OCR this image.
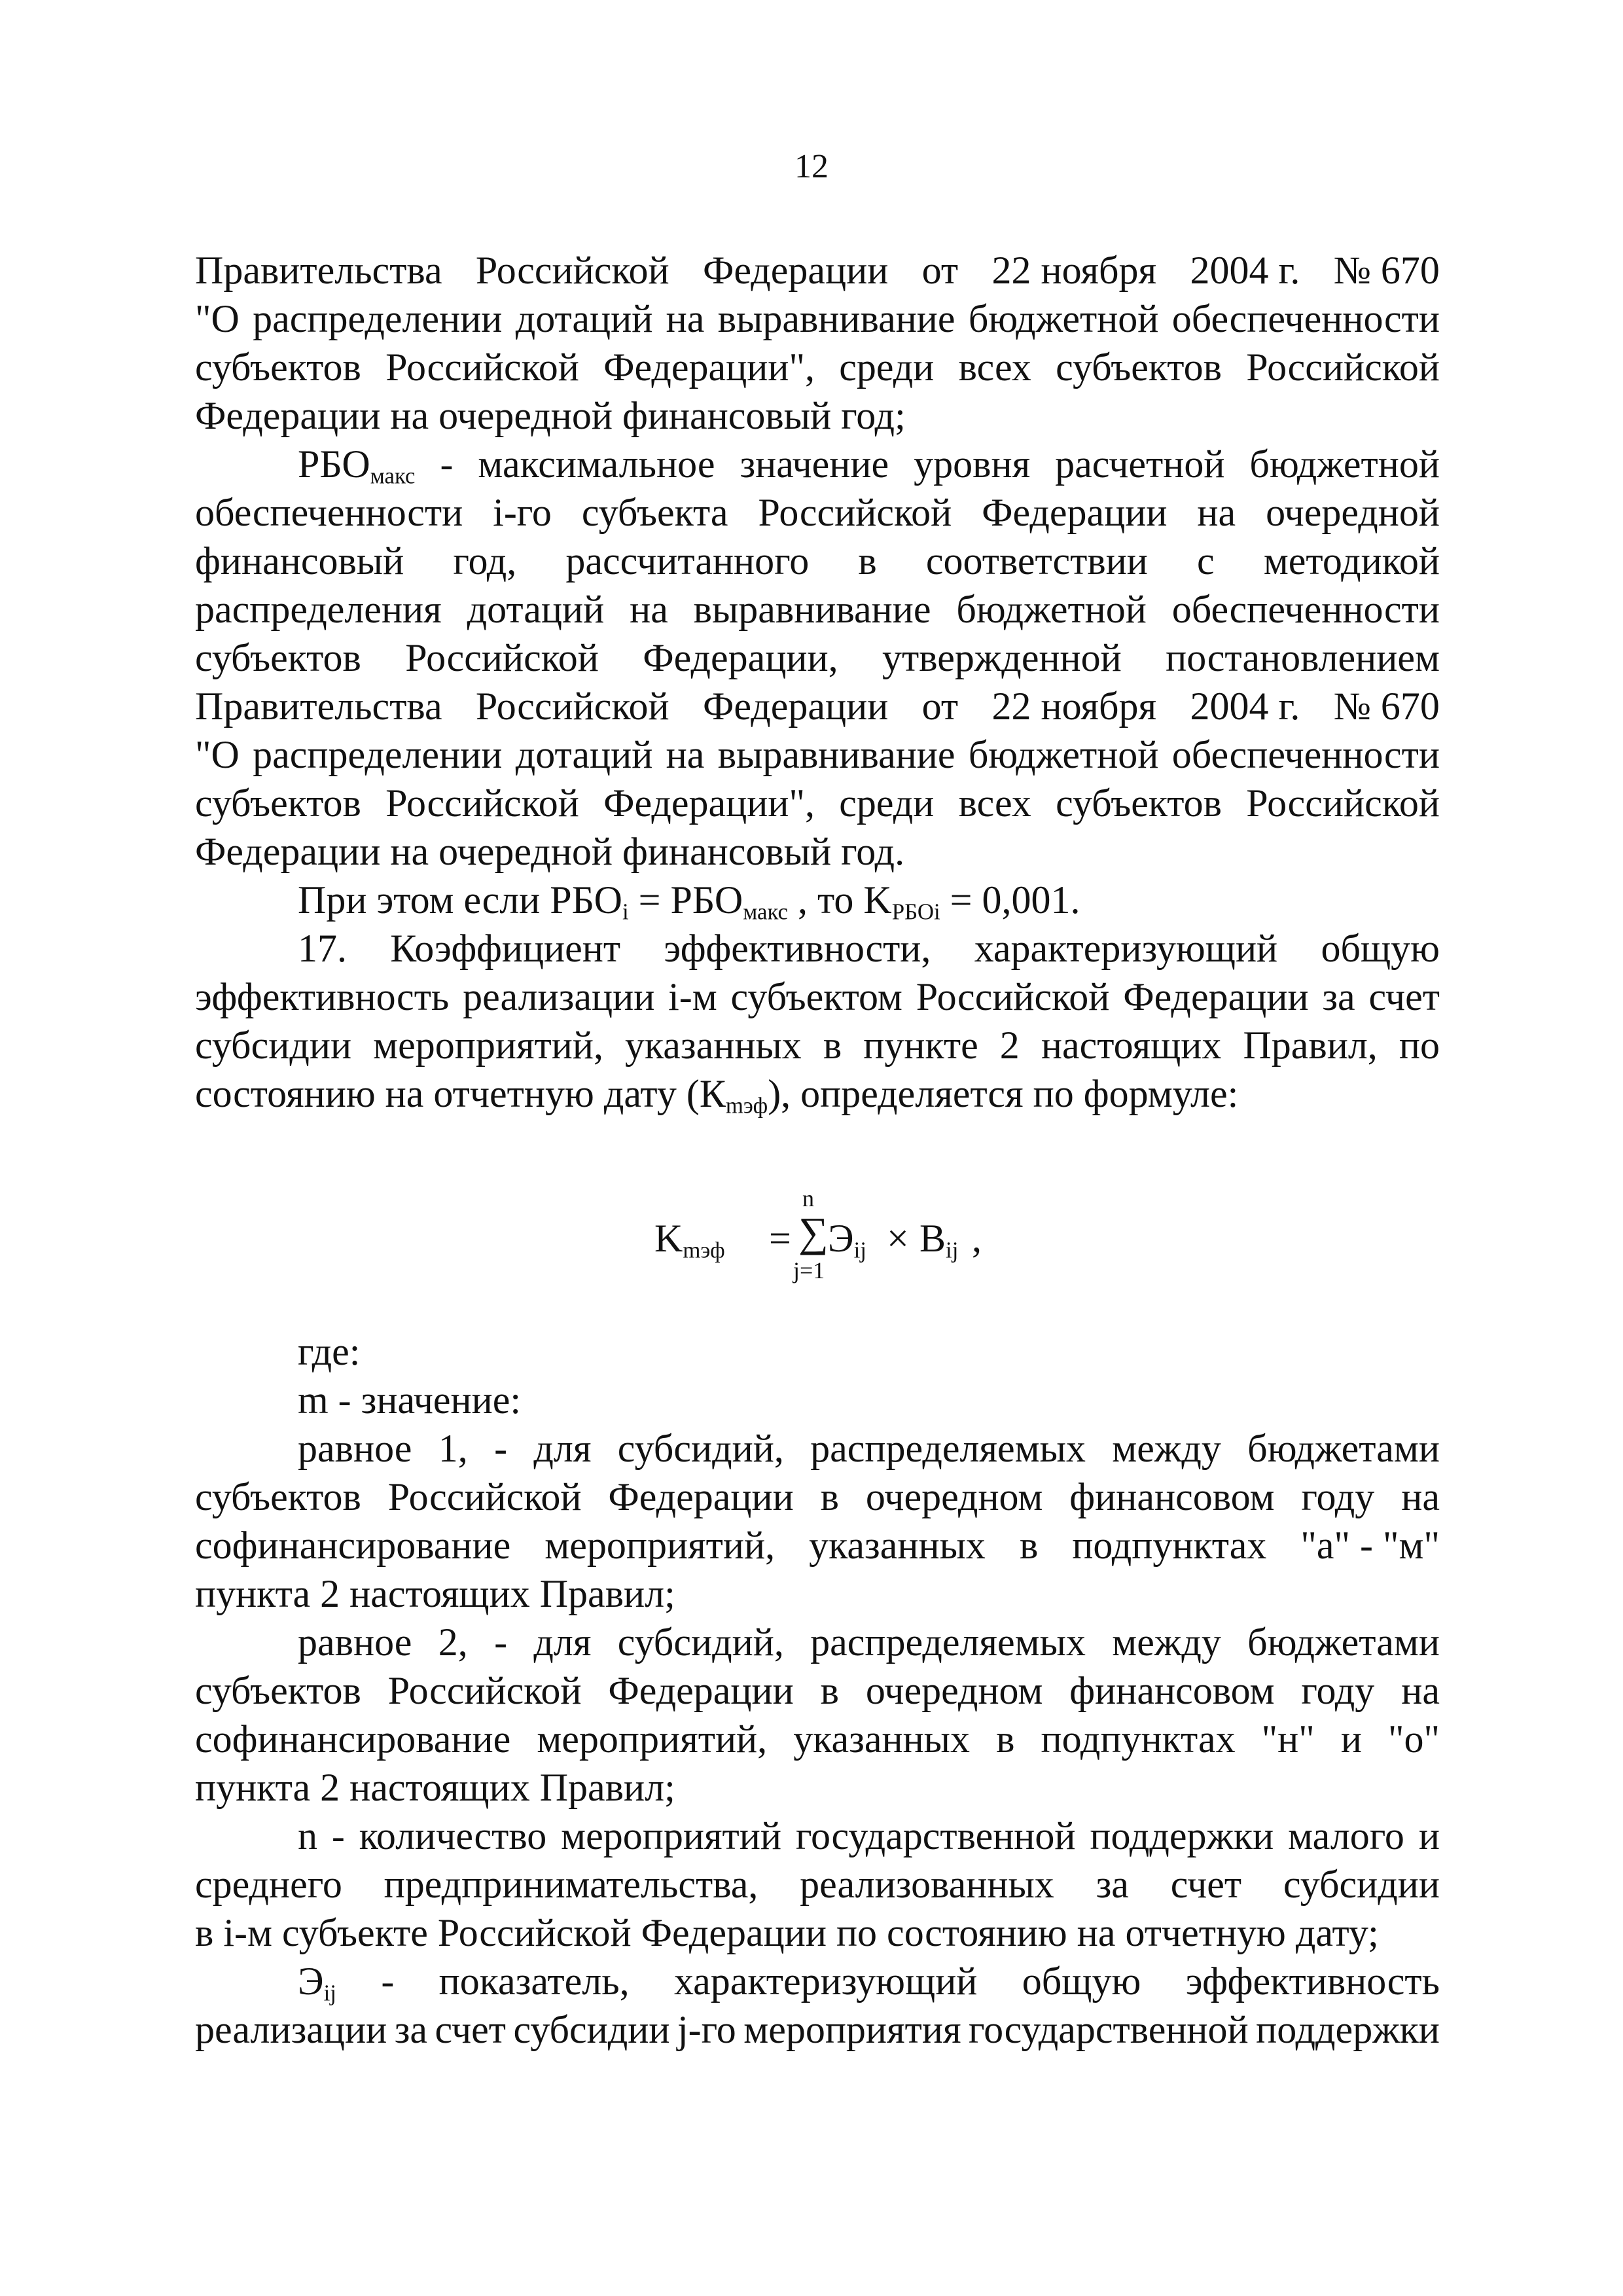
12
Правительства Российской Федерации от 22 ноября 2004 г. № 670
"О распределении дотаций на выравнивание бюджетной обеспеченности
субъектов Российской Федерации", среди всех субъектов Российской
Федерации на очередной финансовый год;
$РБО_{макс}$ - максимальное значение уровня расчетной бюджетной
обеспеченности i-го субъекта Российской Федерации на очередной
финансовый год, рассчитанного в соответствии с методикой
распределения дотаций на выравнивание бюджетной обеспеченности
субъектов Российской Федерации, утвержденной постановлением
Правительства Российской Федерации от 22 ноября 2004 г. № 670
"О распределении дотаций на выравнивание бюджетной обеспеченности
субъектов Российской Федерации", среди всех субъектов Российской
Федерации на очередной финансовый год.
При этом если $РБО_i = РБО_{макс}$ , то $K_{РБОi} = 0,001$.
17. Коэффициент эффективности, характеризующий общую
эффективность реализации i-м субъектом Российской Федерации за счет
субсидии мероприятий, указанных в пункте 2 настоящих Правил, по
состоянию на отчетную дату $(К_{mэф})$, определяется по формуле:
$K_{mэф}$ =
n
∑
j=1
$Э_{ij} \times B_{ij}$ ,
где:
m - значение:
равное 1, - для субсидий, распределяемых между бюджетами
субъектов Российской Федерации в очередном финансовом году на
софинансирование мероприятий, указанных в подпунктах "а" - "м"
пункта 2 настоящих Правил;
равное 2, - для субсидий, распределяемых между бюджетами
субъектов Российской Федерации в очередном финансовом году на
софинансирование мероприятий, указанных в подпунктах "н" и "о"
пункта 2 настоящих Правил;
n - количество мероприятий государственной поддержки малого и
среднего предпринимательства, реализованных за счет субсидии
в i-м субъекте Российской Федерации по состоянию на отчетную дату;
$Э_{ij}$ - показатель, характеризующий общую эффективность
реализации за счет субсидии j-го мероприятия государственной поддержки
